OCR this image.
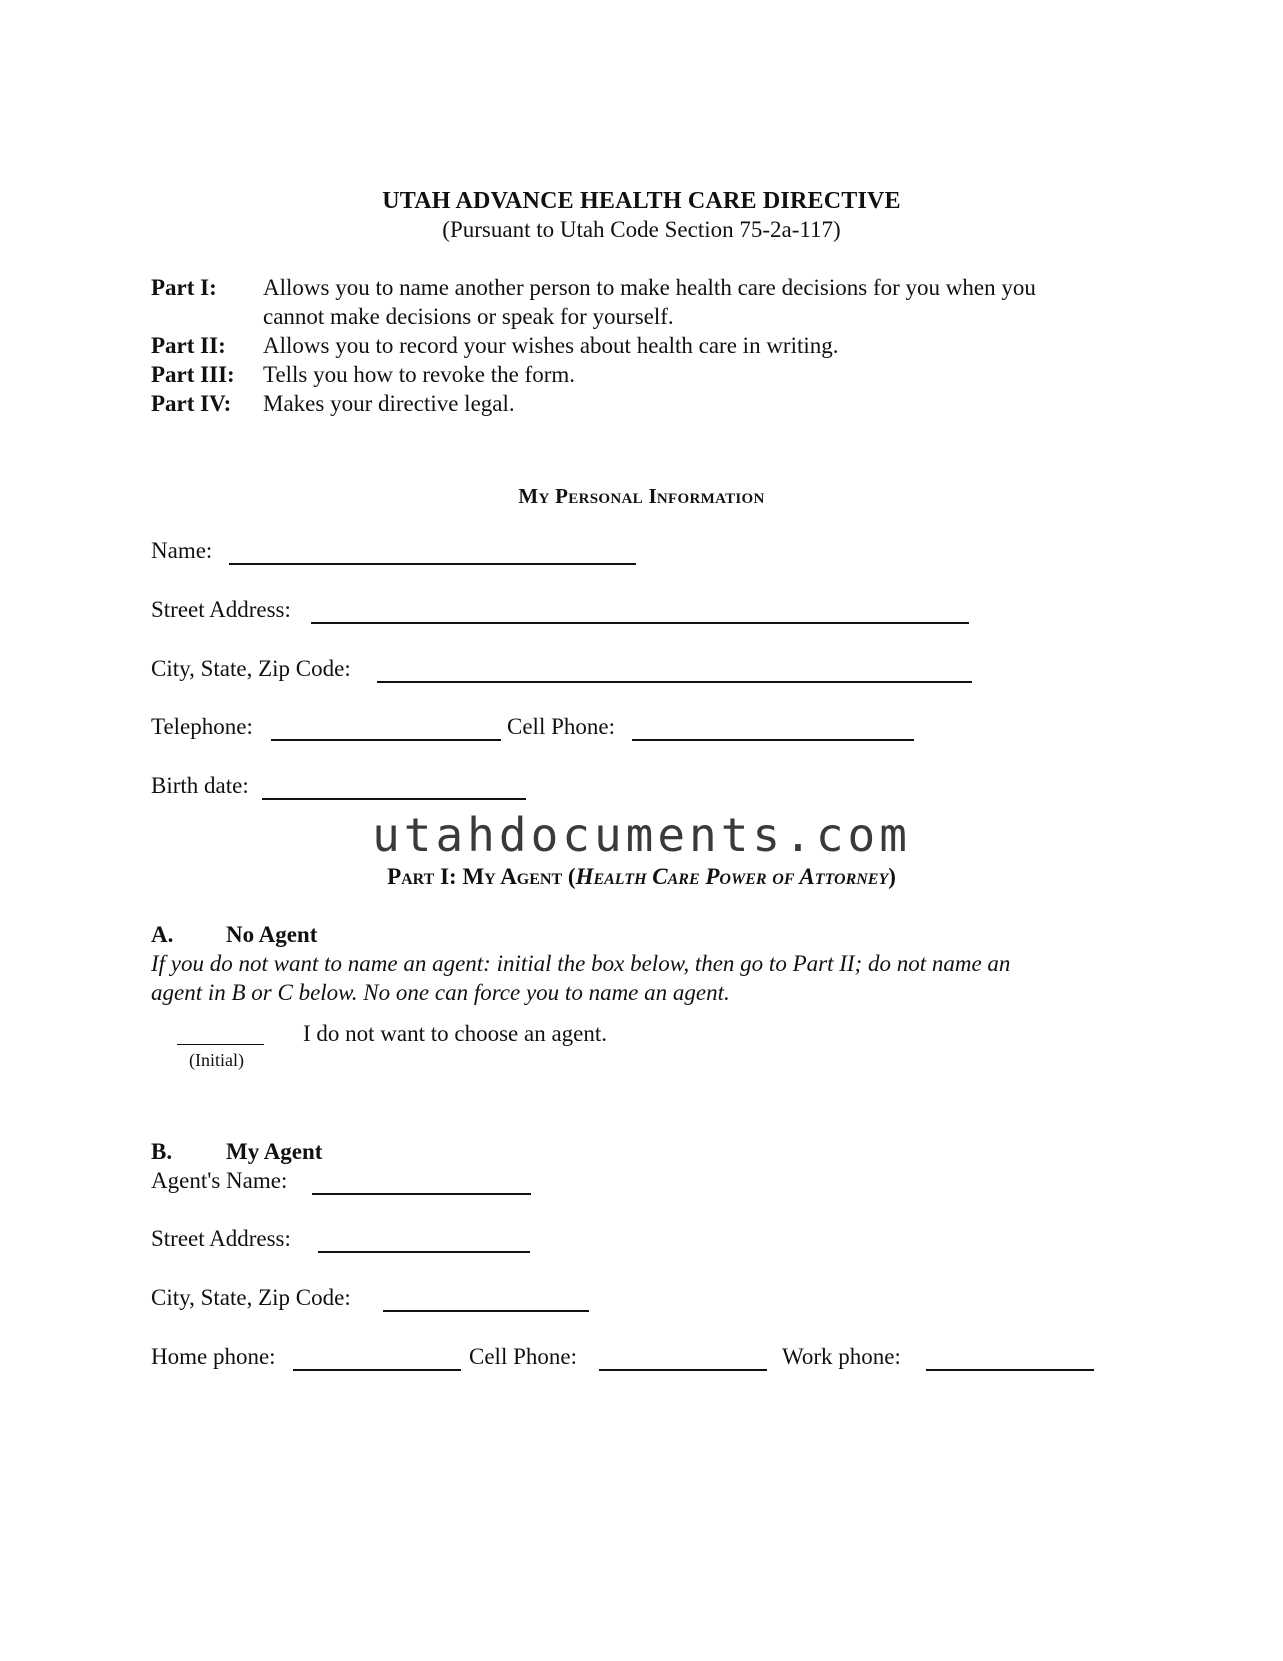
UTAH ADVANCE HEALTH CARE DIRECTIVE
(Pursuant to Utah Code Section 75-2a-117)
Part I: Allows you to name another person to make health care decisions for you when you
cannot make decisions or speak for yourself.
Part II: Allows you to record your wishes about health care in writing.
Part III: Tells you how to revoke the form.
Part IV: Makes your directive legal.
My Personal Information
Name:
Street Address:
City, State, Zip Code:
Telephone:	Cell Phone:
Birth date:
utahdocuments.com
Part I: My Agent (Health Care Power of Attorney)
A. No Agent
If you do not want to name an agent: initial the box below, then go to Part II; do not name an
agent in B or C below. No one can force you to name an agent.
I do not want to choose an agent.
(Initial)
B. My Agent
Agent's Name:
Street Address:
City, State, Zip Code:
Home phone:	Cell Phone:	Work phone:
